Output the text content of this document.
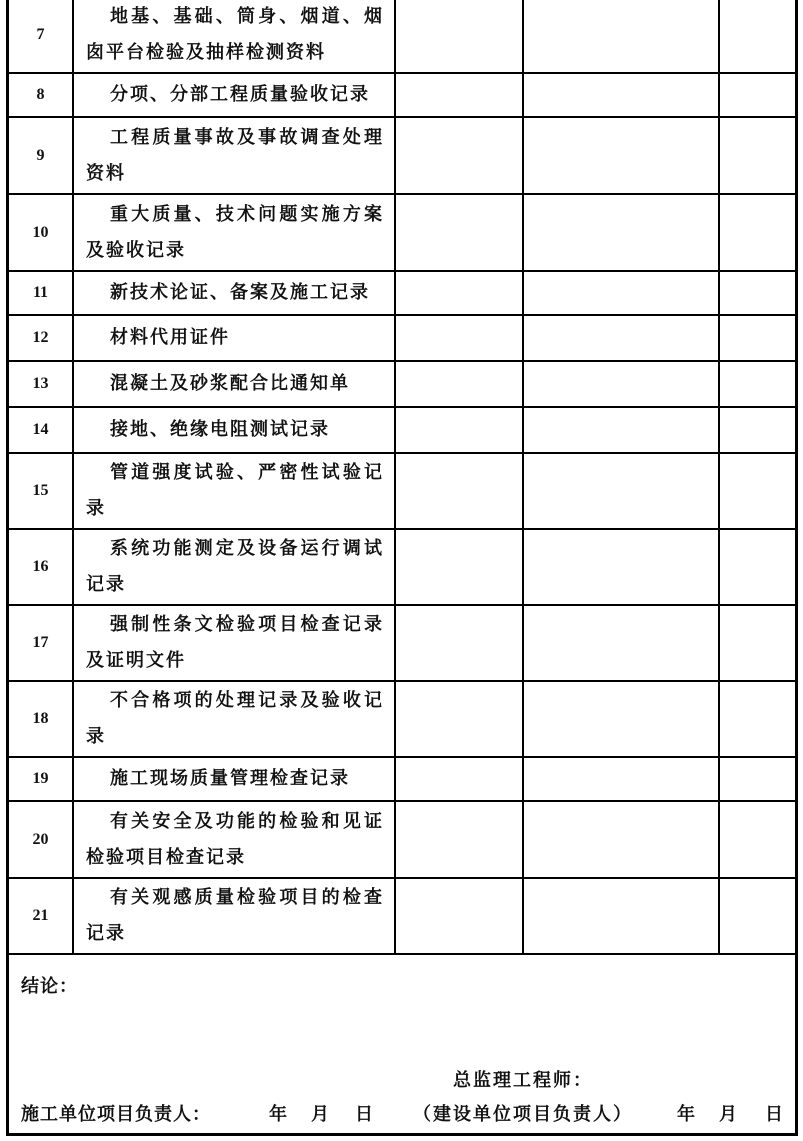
7	地基、基础、筒身、烟道、烟囱平台检验及抽样检测资料			

8	分项、分部工程质量验收记录			

9	工程质量事故及事故调查处理资料			

10	重大质量、技术问题实施方案及验收记录			

11	新技术论证、备案及施工记录			

12	材料代用证件			

13	混凝土及砂浆配合比通知单			

14	接地、绝缘电阻测试记录			

15	管道强度试验、严密性试验记录			

16	系统功能测定及设备运行调试记录			

17	强制性条文检验项目检查记录及证明文件			

18	不合格项的处理记录及验收记录			

19	施工现场质量管理检查记录			

20	有关安全及功能的检验和见证检验项目检查记录			

21	有关观感质量检验项目的检查记录			

结论：
总监理工程师：
施工单位项目负责人：	年 月 日 （建设单位项目负责人） 年 月 日
